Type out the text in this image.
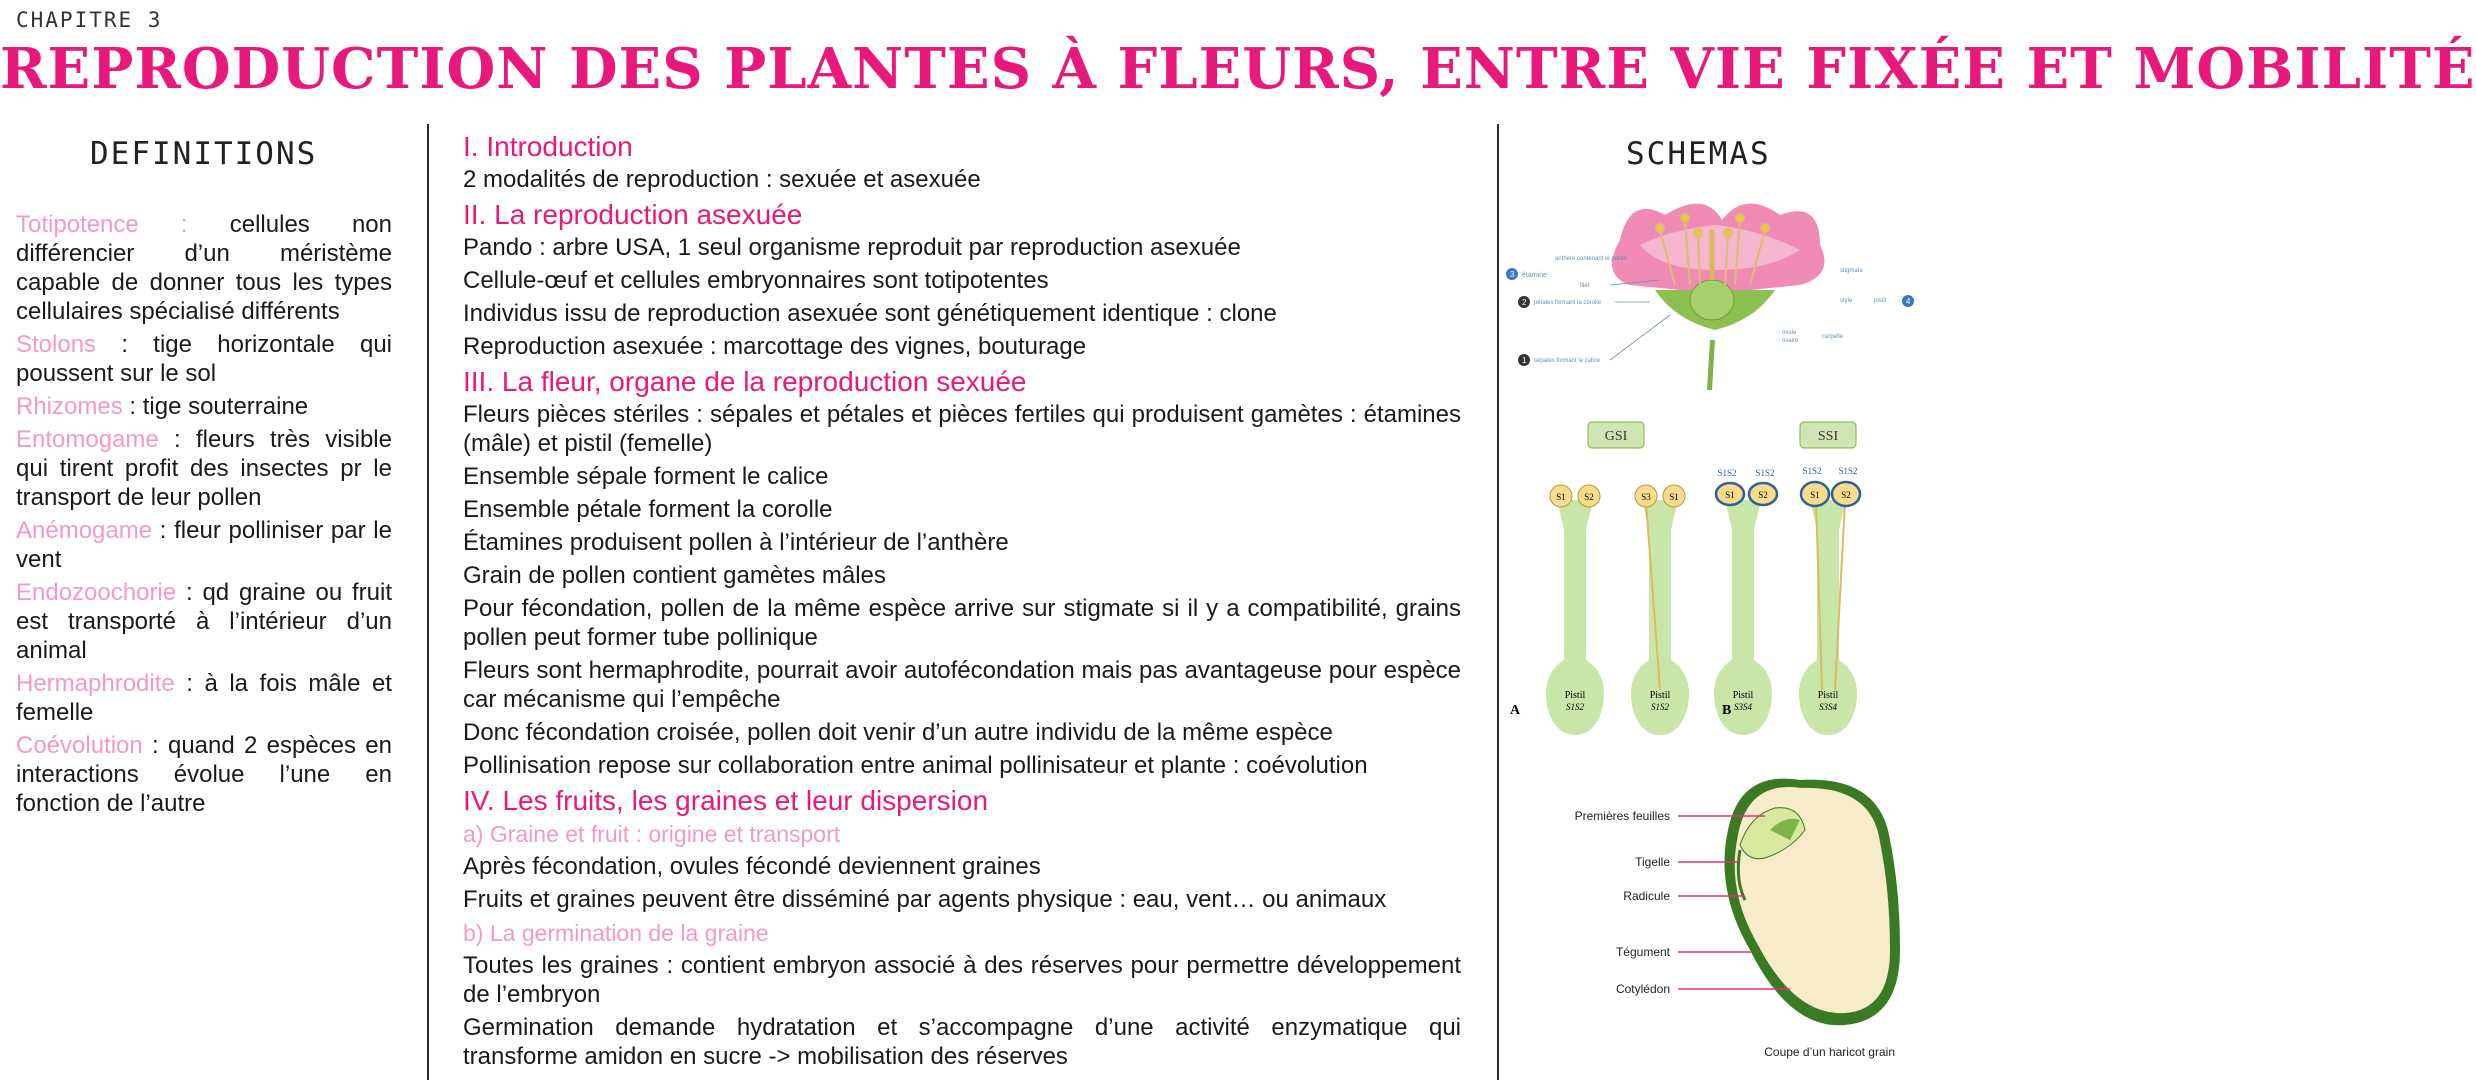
CHAPITRE 3
REPRODUCTION DES PLANTES À FLEURS, ENTRE VIE FIXÉE ET MOBILITÉ
DEFINITIONS

Totipotence : cellules non différencier d’un méristème capable de donner tous les types cellulaires spécialisé différents

Stolons : tige horizontale qui poussent sur le sol

Rhizomes : tige souterraine

Entomogame : fleurs très visible qui tirent profit des insectes pr le transport de leur pollen

Anémogame : fleur polliniser par le vent

Endozoochorie : qd graine ou fruit est transporté à l’intérieur d’un animal

Hermaphrodite : à la fois mâle et femelle

Coévolution : quand 2 espèces en interactions évolue l’une en fonction de l’autre

I. Introduction
2 modalités de reproduction : sexuée et asexuée
II. La reproduction asexuée
Pando : arbre USA, 1 seul organisme reproduit par reproduction asexuée
Cellule-œuf et cellules embryonnaires sont totipotentes
Individus issu de reproduction asexuée sont génétiquement identique : clone
Reproduction asexuée : marcottage des vignes, bouturage
III. La fleur, organe de la reproduction sexuée
Fleurs pièces stériles : sépales et pétales et pièces fertiles qui produisent gamètes : étamines (mâle) et pistil (femelle)
Ensemble sépale forment le calice
Ensemble pétale forment la corolle
Étamines produisent pollen à l’intérieur de l’anthère
Grain de pollen contient gamètes mâles
Pour fécondation, pollen de la même espèce arrive sur stigmate si il y a compatibilité, grains pollen peut former tube pollinique
Fleurs sont hermaphrodite, pourrait avoir autofécondation mais pas avantageuse pour espèce car mécanisme qui l’empêche
Donc fécondation croisée, pollen doit venir d’un autre individu de la même espèce
Pollinisation repose sur collaboration entre animal pollinisateur et plante : coévolution
IV. Les fruits, les graines et leur dispersion
a) Graine et fruit : origine et transport
Après fécondation, ovules fécondé deviennent graines
Fruits et graines peuvent être disséminé par agents physique : eau, vent… ou animaux
b) La germination de la graine
Toutes les graines : contient embryon associé à des réserves pour permettre développement de l’embryon
Germination demande hydratation et s’accompagne d’une activité enzymatique qui transforme amidon en sucre -> mobilisation des réserves
SCHEMAS
3 étamine
anthère contenant le pollen
filet
2 pétales formant la corolle
1 sépales formant le calice
stigmate
style
ovule
ovaire
carpelle
pistil 4
GSI	SSI
S1 S2
Pistil
S1S2
A
S3 S1
Pistil
S1S2
S1S2 S1S2
S1	S2
Pistil
S3S4
B
S1S2 S1S2
S1 S2
Pistil
S3S4
Premières feuilles
Tigelle
Radicule
Tégument
Cotylédon
Coupe d’un haricot grain
